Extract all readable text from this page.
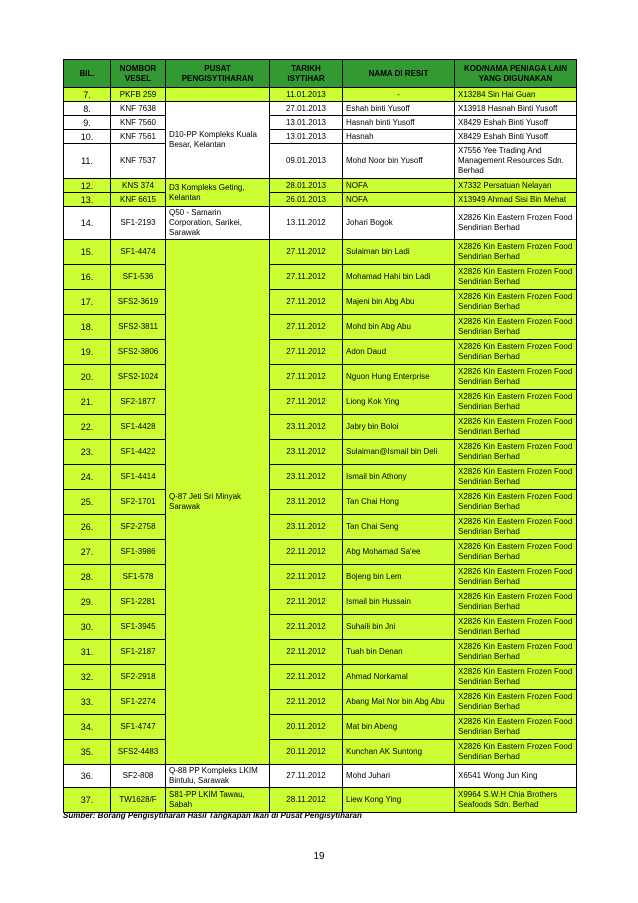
BIL.	NOMBOR VESEL	PUSAT PENGISYTIHARAN	TARIKH ISYTIHAR	NAMA DI RESIT	KOD/NAMA PENIAGA LAIN YANG DIGUNAKAN
7.	PKFB 259		11.01.2013	-	X13284 Sin Hai Guan
8.	KNF 7638	D10-PP Kompleks Kuala Besar, Kelantan	27.01.2013	Eshah binti Yusoff	X13918 Hasnah Binti Yusoff
9.	KNF 7560		13.01.2013	Hasnah binti Yusoff	X8429 Eshah Binti Yusoff
10.	KNF 7561		13.01.2013	Hasnah	X8429 Eshah Binti Yusoff
11.	KNF 7537		09.01.2013	Mohd Noor bin Yusoff	X7556 Yee Trading And Management Resources Sdn. Berhad
12.	KNS 374	D3 Kompleks Geting, Kelantan	28.01.2013	NOFA	X7332 Persatuan Nelayan
13.	KNF 6615		26.01.2013	NOFA	X13949 Ahmad Sisi Bin Mehat
14.	SF1-2193	Q50 - Samarin Corporation, Sarikei, Sarawak	13.11.2012	Johari Bogok	X2826 Kin Eastern Frozen Food Sendirian Berhad
15.	SF1-4474	Q-87 Jeti Sri Minyak Sarawak	27.11.2012	Sulaiman bin Ladi	X2826 Kin Eastern Frozen Food Sendirian Berhad
16.	SF1-536		27.11.2012	Mohamad Hahi bin Ladi	X2826 Kin Eastern Frozen Food Sendirian Berhad
17.	SFS2-3619		27.11.2012	Majeni bin Abg Abu	X2826 Kin Eastern Frozen Food Sendirian Berhad
18.	SFS2-3811		27.11.2012	Mohd bin Abg Abu	X2826 Kin Eastern Frozen Food Sendirian Berhad
19.	SFS2-3806		27.11.2012	Adon Daud	X2826 Kin Eastern Frozen Food Sendirian Berhad
20.	SFS2-1024		27.11.2012	Nguon Hung Enterprise	X2826 Kin Eastern Frozen Food Sendirian Berhad
21.	SF2-1877		27.11.2012	Liong Kok Ying	X2826 Kin Eastern Frozen Food Sendirian Berhad
22.	SF1-4428		23.11.2012	Jabry bin Boloi	X2826 Kin Eastern Frozen Food Sendirian Berhad
23.	SF1-4422		23.11.2012	Sulaiman@Ismail bin Deli	X2826 Kin Eastern Frozen Food Sendirian Berhad
24.	SF1-4414		23.11.2012	Ismail bin Athony	X2826 Kin Eastern Frozen Food Sendirian Berhad
25.	SF2-1701		23.11.2012	Tan Chai Hong	X2826 Kin Eastern Frozen Food Sendirian Berhad
26.	SF2-2758		23.11.2012	Tan Chai Seng	X2826 Kin Eastern Frozen Food Sendirian Berhad
27.	SF1-3986		22.11.2012	Abg Mohamad Sa'ee	X2826 Kin Eastern Frozen Food Sendirian Berhad
28.	SF1-578		22.11.2012	Bojeng bin Lem	X2826 Kin Eastern Frozen Food Sendirian Berhad
29.	SF1-2281		22.11.2012	Ismail bin Hussain	X2826 Kin Eastern Frozen Food Sendirian Berhad
30.	SF1-3945		22.11.2012	Suhaili bin Jni	X2826 Kin Eastern Frozen Food Sendirian Berhad
31.	SF1-2187		22.11.2012	Tuah bin Denan	X2826 Kin Eastern Frozen Food Sendirian Berhad
32.	SF2-2918		22.11.2012	Ahmad Norkamal	X2826 Kin Eastern Frozen Food Sendirian Berhad
33.	SF1-2274		22.11.2012	Abang Mat Nor bin Abg Abu	X2826 Kin Eastern Frozen Food Sendirian Berhad
34.	SF1-4747		20.11.2012	Mat bin Abeng	X2826 Kin Eastern Frozen Food Sendirian Berhad
35.	SFS2-4483		20.11.2012	Kunchan AK Suntong	X2826 Kin Eastern Frozen Food Sendirian Berhad
36.	SF2-808	Q-88 PP Kompleks LKIM Bintulu, Sarawak	27.11.2012	Mohd Juhari	X6541 Wong Jun King
37.	TW1628/F	S81-PP LKIM Tawau, Sabah	28.11.2012	Liew Kong Ying	X9964 S.W.H Chia Brothers Seafoods Sdn. Berhad
Sumber: Borang Pengisytiharan Hasil Tangkapan Ikan di Pusat Pengisytiharan
19
